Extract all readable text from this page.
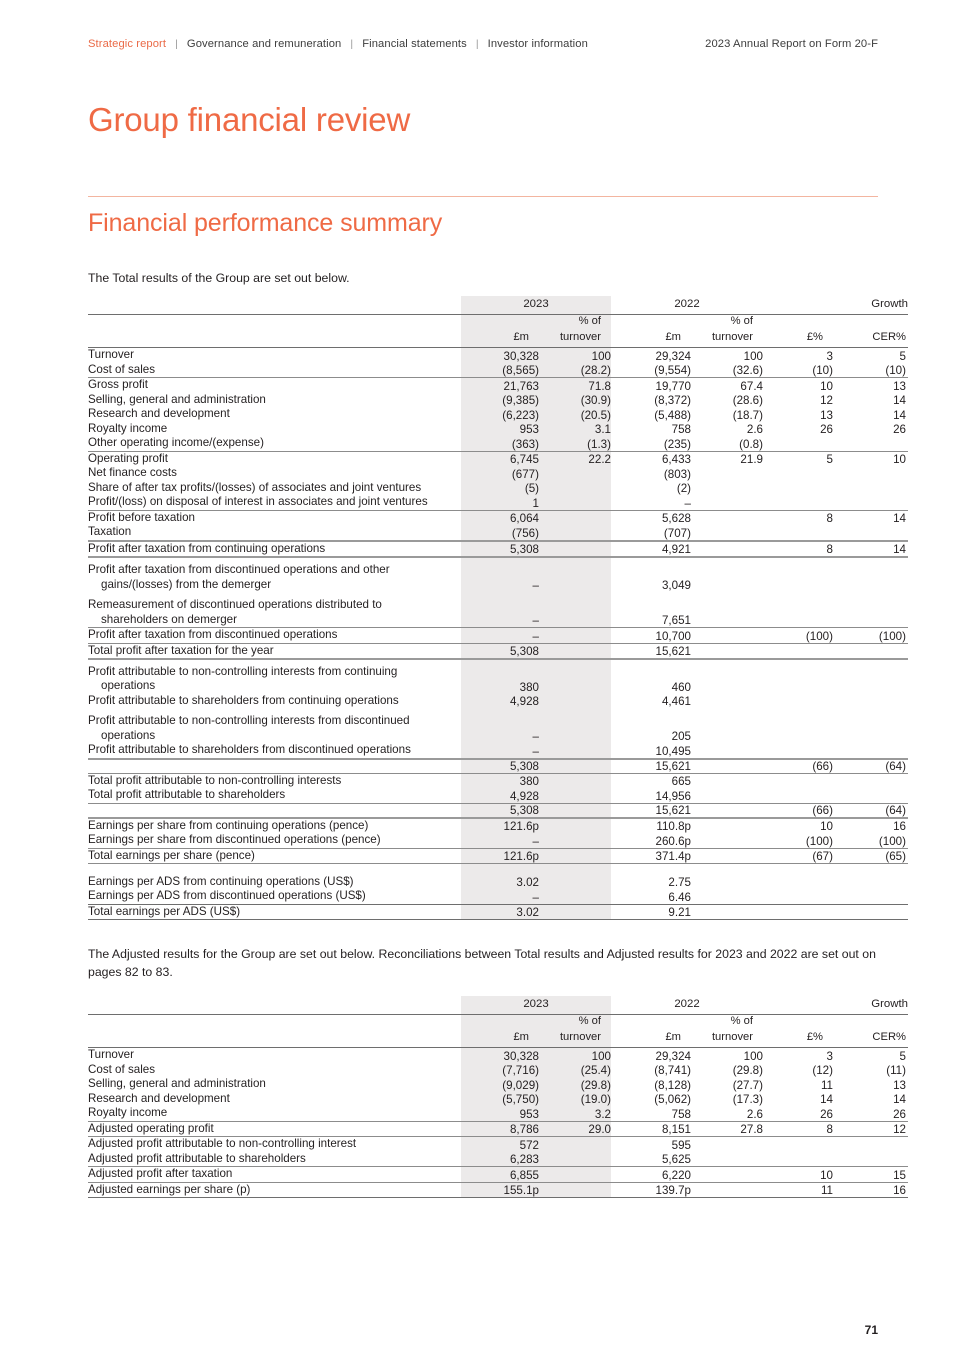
Strategic report | Governance and remuneration | Financial statements | Investor information	2023 Annual Report on Form 20-F
Group financial review
Financial performance summary

The Total results of the Group are set out below.

	2023		2022		Growth	

		% of		% of		
	£m	turnover	£m	turnover	£%	CER%

Turnover	30,328	100	29,324	100	3	5
Cost of sales	(8,565)	(28.2)	(9,554)	(32.6)	(10)	(10)

Gross profit	21,763	71.8	19,770	67.4	10	13
Selling, general and administration	(9,385)	(30.9)	(8,372)	(28.6)	12	14
Research and development	(6,223)	(20.5)	(5,488)	(18.7)	13	14
Royalty income	953	3.1	758	2.6	26	26
Other operating income/(expense)	(363)	(1.3)	(235)	(0.8)		

Operating profit	6,745	22.2	6,433	21.9	5	10
Net finance costs	(677)		(803)			
Share of after tax profits/(losses) of associates and joint ventures	(5)		(2)			
Profit/(loss) on disposal of interest in associates and joint ventures	1		–			

Profit before taxation	6,064		5,628		8	14
Taxation	(756)		(707)			

Profit after taxation from continuing operations	5,308		4,921		8	14

Profit after taxation from discontinued operations and other
gains/(losses) from the demerger	–		3,049			

Remeasurement of discontinued operations distributed to
shareholders on demerger	–		7,651			

Profit after taxation from discontinued operations	–		10,700		(100)	(100)

Total profit after taxation for the year	5,308		15,621			

Profit attributable to non-controlling interests from continuing
operations	380		460			
Profit attributable to shareholders from continuing operations	4,928		4,461			

Profit attributable to non-controlling interests from discontinued
operations	–		205			
Profit attributable to shareholders from discontinued operations	–		10,495			

	5,308		15,621		(66)	(64)

Total profit attributable to non-controlling interests	380		665			
Total profit attributable to shareholders	4,928		14,956			

	5,308		15,621		(66)	(64)

Earnings per share from continuing operations (pence)	121.6p		110.8p		10	16
Earnings per share from discontinued operations (pence)	–		260.6p		(100)	(100)

Total earnings per share (pence)	121.6p		371.4p		(67)	(65)

Earnings per ADS from continuing operations (US$)	3.02		2.75			
Earnings per ADS from discontinued operations (US$)	–		6.46			

Total earnings per ADS (US$)	3.02		9.21			

The Adjusted results for the Group are set out below. Reconciliations between Total results and Adjusted results for 2023 and 2022 are set out on pages 82 to 83.

	2023		2022		Growth	

		% of		% of		
	£m	turnover	£m	turnover	£%	CER%

Turnover	30,328	100	29,324	100	3	5
Cost of sales	(7,716)	(25.4)	(8,741)	(29.8)	(12)	(11)
Selling, general and administration	(9,029)	(29.8)	(8,128)	(27.7)	11	13
Research and development	(5,750)	(19.0)	(5,062)	(17.3)	14	14
Royalty income	953	3.2	758	2.6	26	26

Adjusted operating profit	8,786	29.0	8,151	27.8	8	12

Adjusted profit attributable to non-controlling interest	572		595			
Adjusted profit attributable to shareholders	6,283		5,625			

Adjusted profit after taxation	6,855		6,220		10	15

Adjusted earnings per share (p)	155.1p		139.7p		11	16

71
